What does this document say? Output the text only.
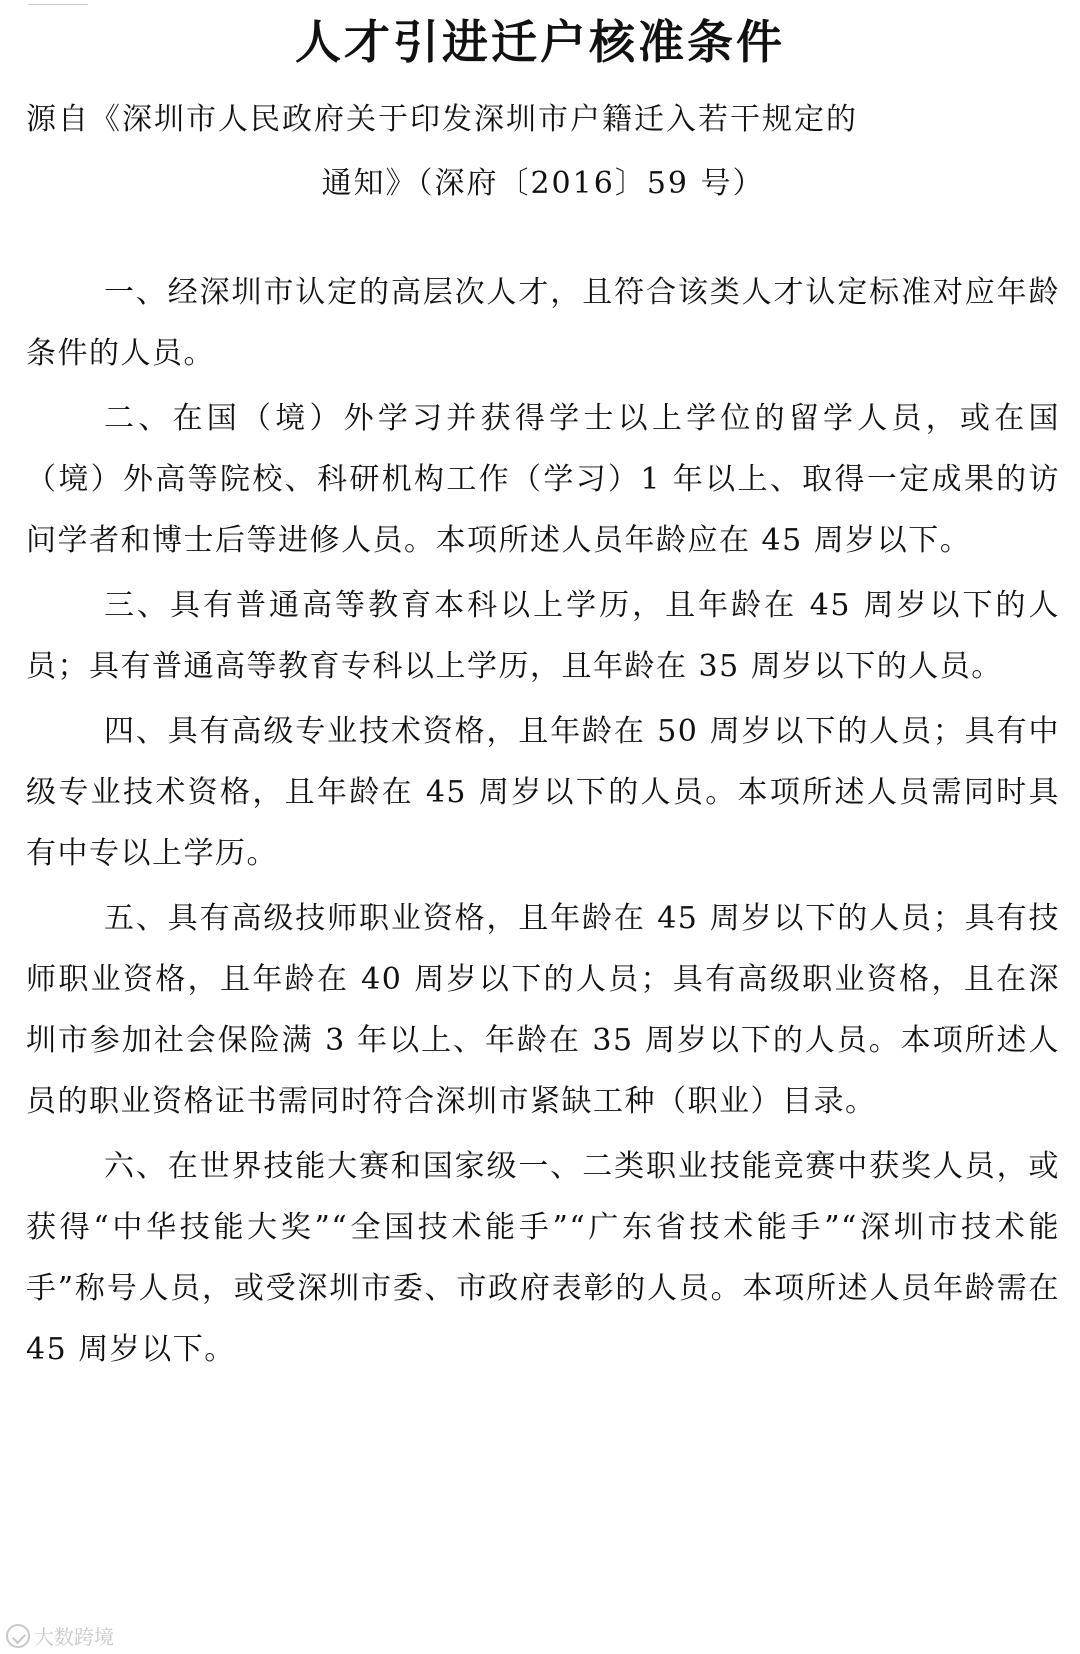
人才引进迁户核准条件

源自《深圳市人民政府关于印发深圳市户籍迁入若干规定的
通知》（深府〔2016〕59 号）

一、经深圳市认定的高层次人才，且符合该类人才认定标准对应年龄条件的人员。

二、在国（境）外学习并获得学士以上学位的留学人员，或在国（境）外高等院校、科研机构工作（学习）1 年以上、取得一定成果的访问学者和博士后等进修人员。本项所述人员年龄应在 45 周岁以下。

三、具有普通高等教育本科以上学历，且年龄在 45 周岁以下的人员；具有普通高等教育专科以上学历，且年龄在 35 周岁以下的人员。

四、具有高级专业技术资格，且年龄在 50 周岁以下的人员；具有中级专业技术资格，且年龄在 45 周岁以下的人员。本项所述人员需同时具有中专以上学历。

五、具有高级技师职业资格，且年龄在 45 周岁以下的人员；具有技师职业资格，且年龄在 40 周岁以下的人员；具有高级职业资格，且在深圳市参加社会保险满 3 年以上、年龄在 35 周岁以下的人员。本项所述人员的职业资格证书需同时符合深圳市紧缺工种（职业）目录。

六、在世界技能大赛和国家级一、二类职业技能竞赛中获奖人员，或获得“中华技能大奖”“全国技术能手”“广东省技术能手”“深圳市技术能手”称号人员，或受深圳市委、市政府表彰的人员。本项所述人员年龄需在 45 周岁以下。

大数跨境
